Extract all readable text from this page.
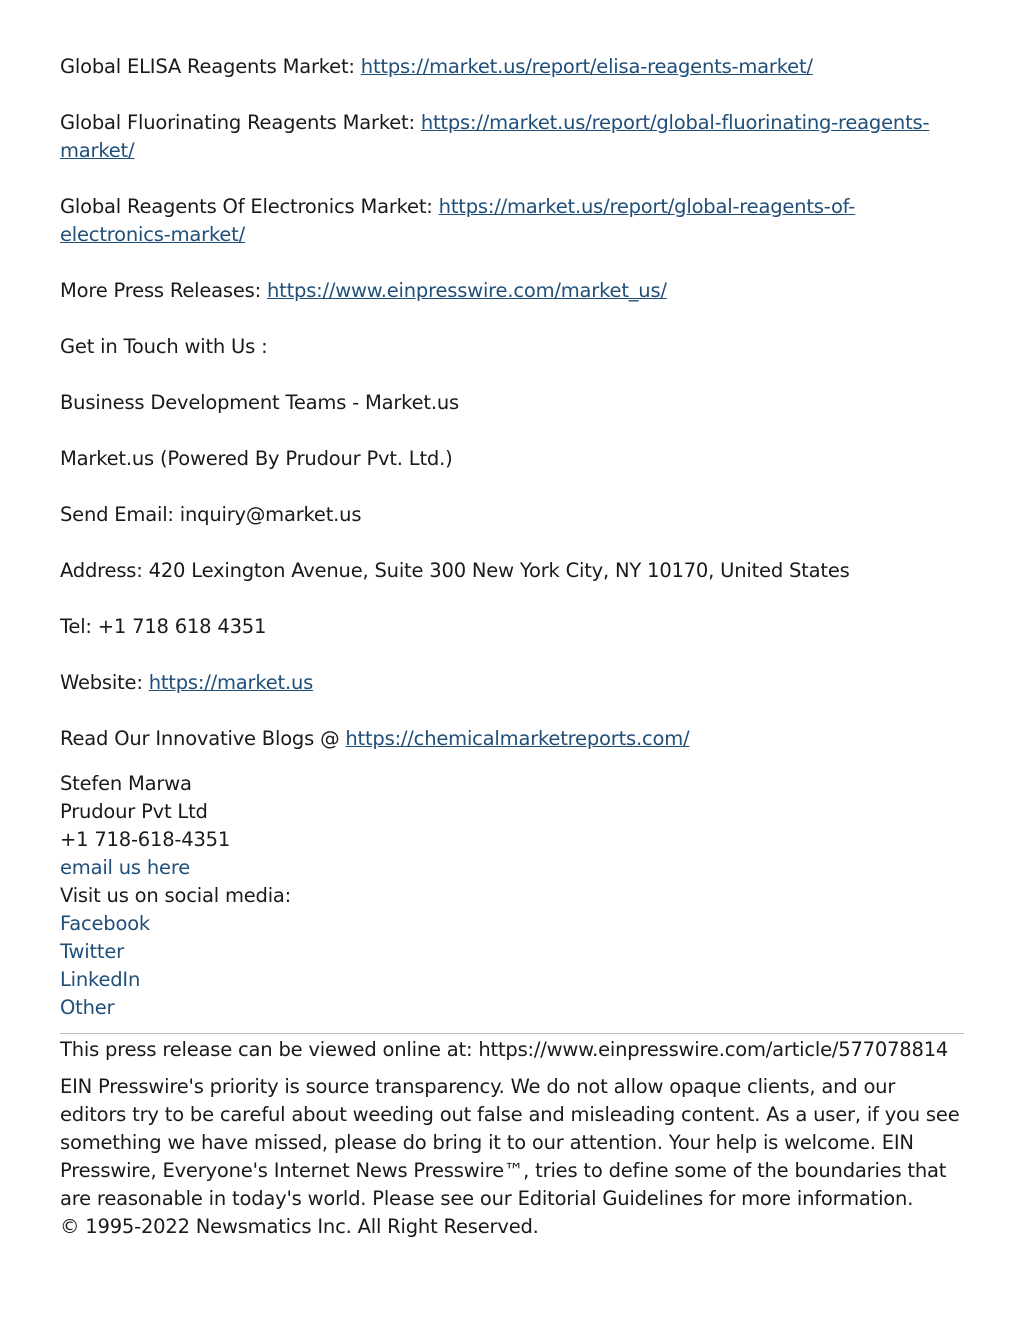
Global ELISA Reagents Market: https://market.us/report/elisa-reagents-market/

Global Fluorinating Reagents Market: https://market.us/report/global-fluorinating-reagents-market/

Global Reagents Of Electronics Market: https://market.us/report/global-reagents-of-electronics-market/

More Press Releases: https://www.einpresswire.com/market_us/

Get in Touch with Us :

Business Development Teams - Market.us

Market.us (Powered By Prudour Pvt. Ltd.)

Send Email: inquiry@market.us

Address: 420 Lexington Avenue, Suite 300 New York City, NY 10170, United States

Tel: +1 718 618 4351

Website: https://market.us

Read Our Innovative Blogs @ https://chemicalmarketreports.com/

Stefen Marwa
Prudour Pvt Ltd
+1 718-618-4351
email us here
Visit us on social media:
Facebook
Twitter
LinkedIn
Other

This press release can be viewed online at: https://www.einpresswire.com/article/577078814

EIN Presswire's priority is source transparency. We do not allow opaque clients, and our editors try to be careful about weeding out false and misleading content. As a user, if you see something we have missed, please do bring it to our attention. Your help is welcome. EIN Presswire, Everyone's Internet News Presswire™, tries to define some of the boundaries that are reasonable in today's world. Please see our Editorial Guidelines for more information.

© 1995-2022 Newsmatics Inc. All Right Reserved.
